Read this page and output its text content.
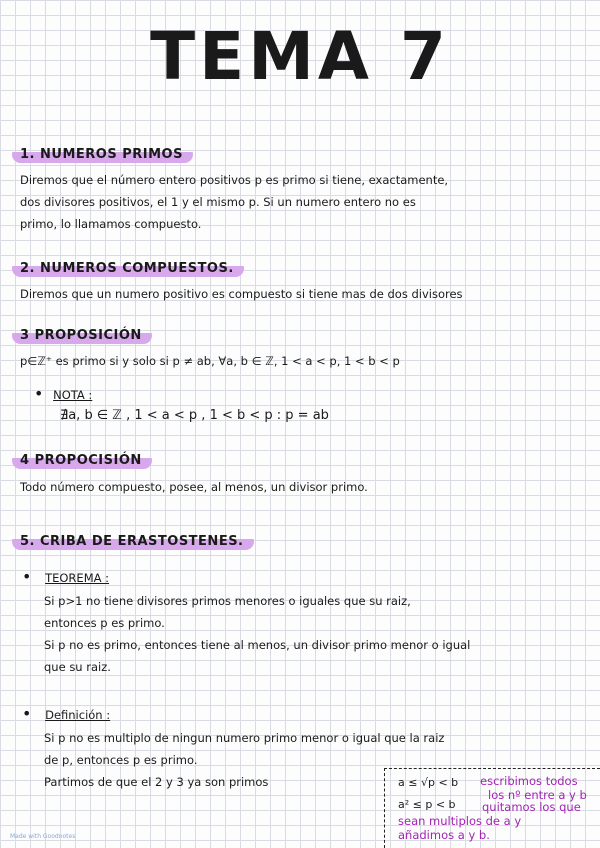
TEMA 7
1. NUMEROS PRIMOS
Diremos que el número entero positivos p es primo si tiene, exactamente,
dos divisores positivos, el 1 y el mismo p. Si un numero entero no es
primo, lo llamamos compuesto.
2. NUMEROS COMPUESTOS.
Diremos que un numero positivo es compuesto si tiene mas de dos divisores
3 PROPOSICIÓN
p∈ℤ⁺ es primo si y solo si p ≠ ab, ∀a, b ∈ ℤ, 1 < a < p, 1 < b < p
• NOTA :
∄a, b ∈ ℤ , 1 < a < p , 1 < b < p : p = ab
4 PROPOCISIÓN
Todo número compuesto, posee, al menos, un divisor primo.
5. CRIBA DE ERASTOSTENES.
• TEOREMA :
Si p>1 no tiene divisores primos menores o iguales que su raiz,
entonces p es primo.
Si p no es primo, entonces tiene al menos, un divisor primo menor o igual
que su raiz.
• Definición :
Si p no es multiplo de ningun numero primo menor o igual que la raiz
de p, entonces p es primo.
Partimos de que el 2 y 3 ya son primos	a ≤ √p < b escribimos todos
los nº entre a y b
a² ≤ p < b quitamos los que
sean multiplos de a y
añadimos a y b.
Made with Goodnotes
